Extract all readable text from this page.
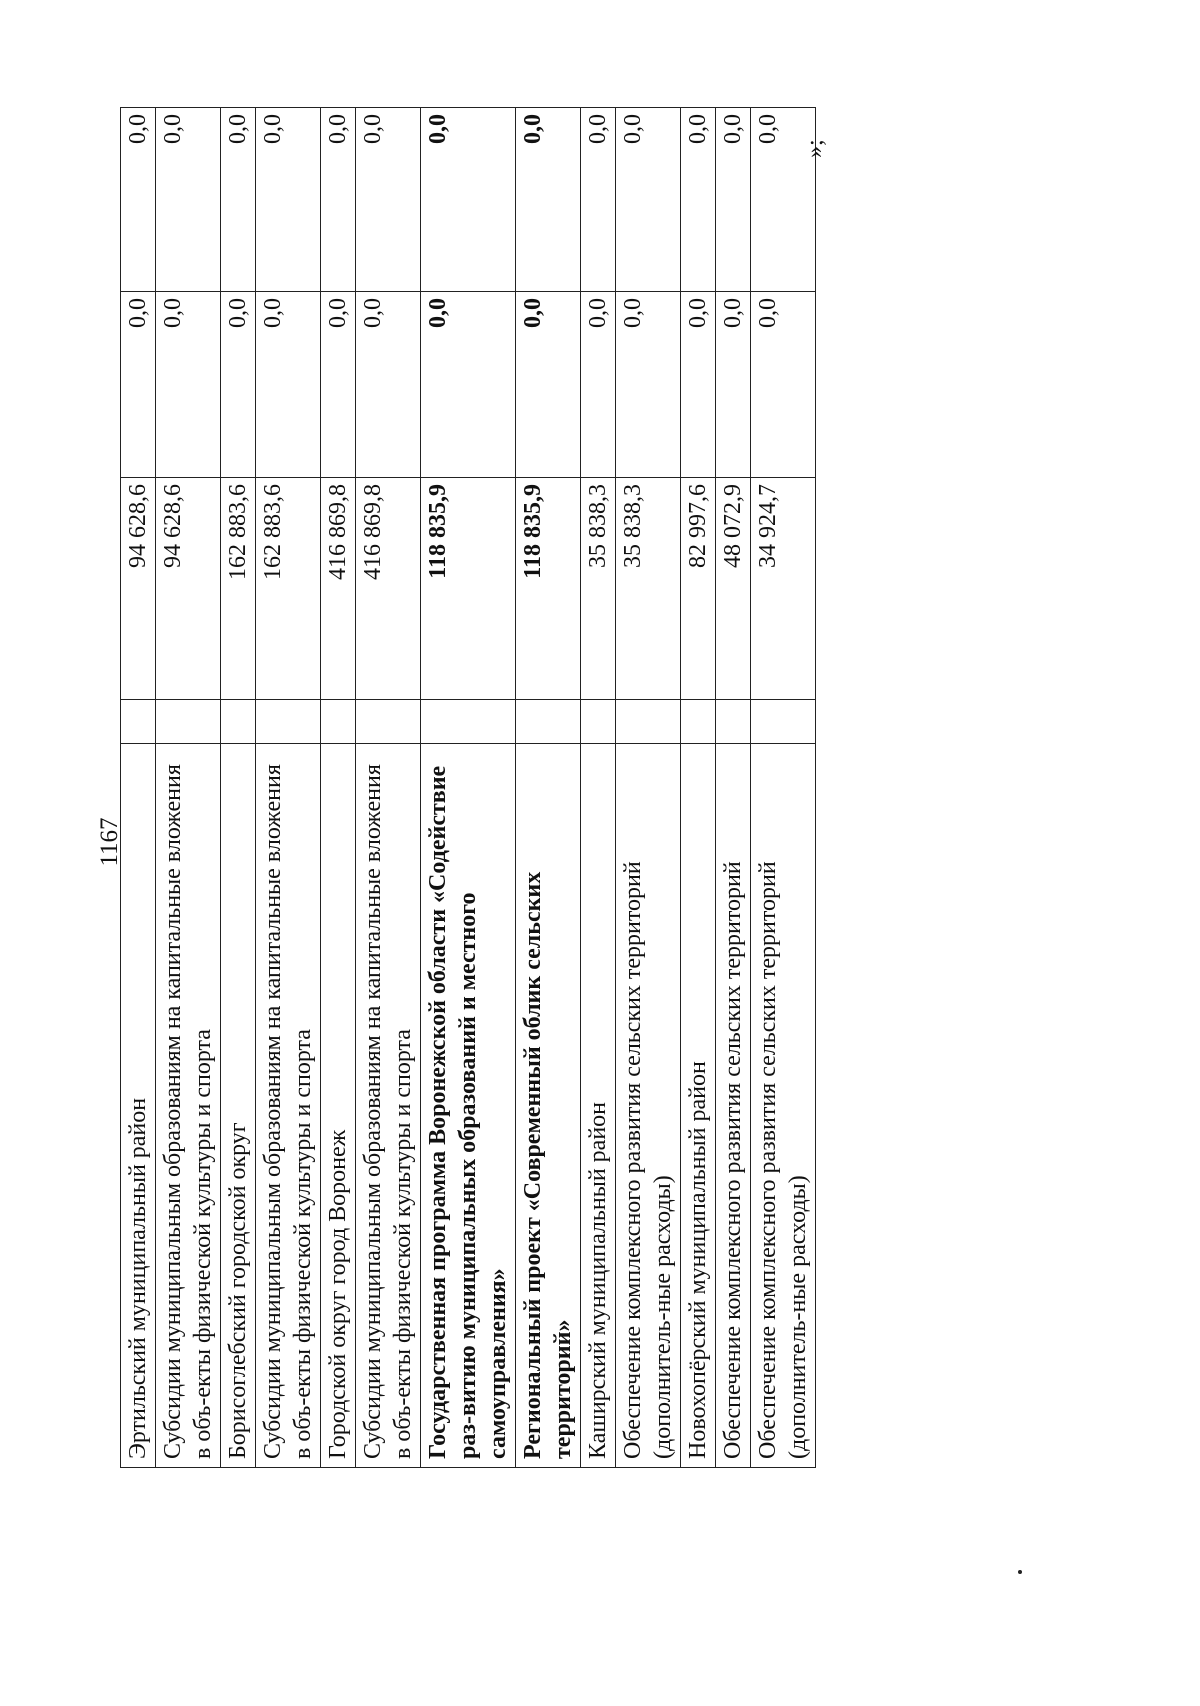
1167
Эртильский муниципальный район		94 628,6	0,0	0,0
Субсидии муниципальным образованиям на капитальные вложения в объ-екты физической культуры и спорта		94 628,6	0,0	0,0
Борисоглебский городской округ		162 883,6	0,0	0,0
Субсидии муниципальным образованиям на капитальные вложения в объ-екты физической культуры и спорта		162 883,6	0,0	0,0
Городской округ город Воронеж		416 869,8	0,0	0,0
Субсидии муниципальным образованиям на капитальные вложения в объ-екты физической культуры и спорта		416 869,8	0,0	0,0
Государственная программа Воронежской области «Содействие раз-витию муниципальных образований и местного самоуправления»		118 835,9	0,0	0,0
Региональный проект «Современный облик сельских территорий»		118 835,9	0,0	0,0
Каширский муниципальный район		35 838,3	0,0	0,0
Обеспечение комплексного развития сельских территорий (дополнитель-ные расходы)		35 838,3	0,0	0,0
Новохопёрский муниципальный район		82 997,6	0,0	0,0
Обеспечение комплексного развития сельских территорий		48 072,9	0,0	0,0
Обеспечение комплексного развития сельских территорий (дополнитель-ные расходы)		34 924,7	0,0	0,0
»;
